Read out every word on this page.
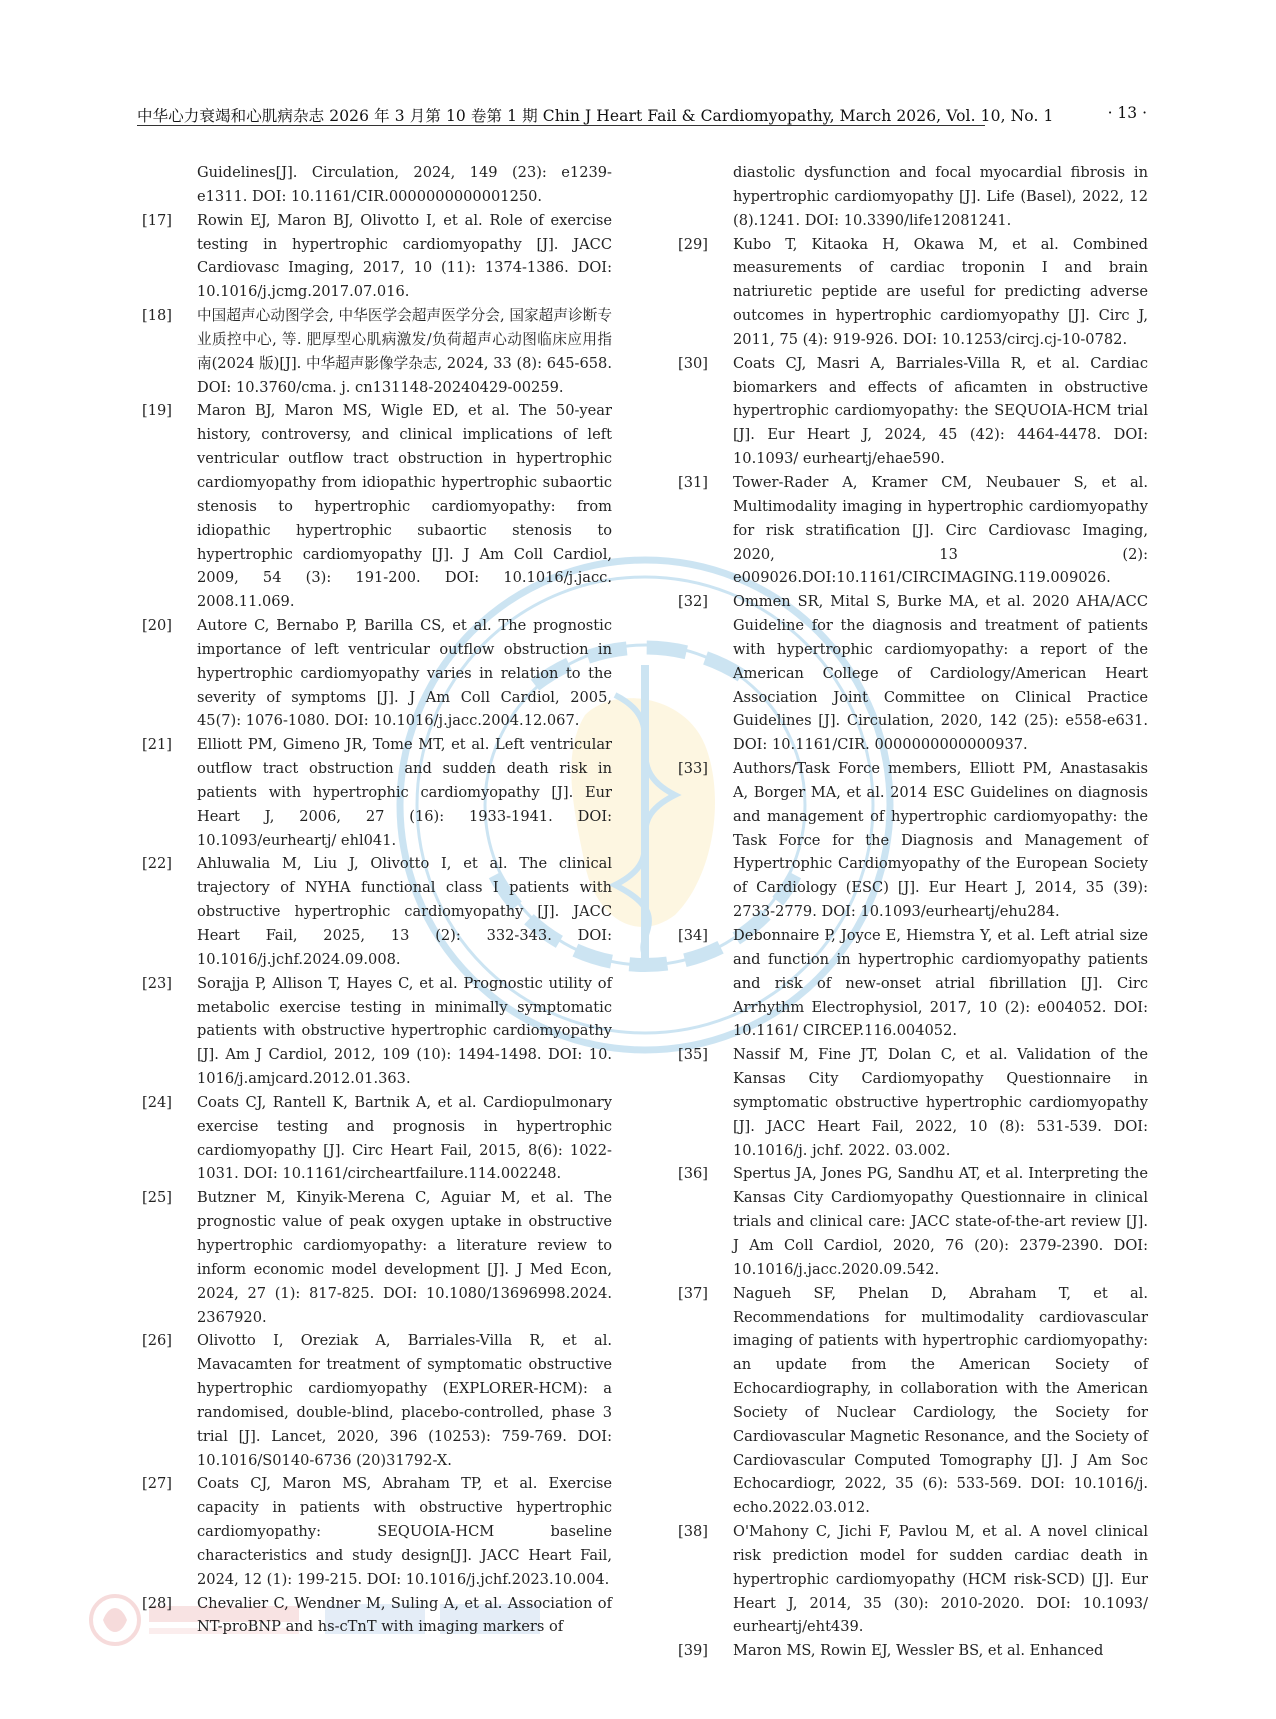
中华心力衰竭和心肌病杂志 2026 年 3 月第 10 卷第 1 期 Chin J Heart Fail & Cardiomyopathy, March 2026, Vol. 10, No. 1	· 13 ·
Guidelines[J]. Circulation, 2024, 149 (23): e1239-e1311. DOI: 10.1161/CIR.0000000000001250.
[17] Rowin EJ, Maron BJ, Olivotto I, et al. Role of exercise testing in hypertrophic cardiomyopathy [J]. JACC Cardiovasc Imaging, 2017, 10 (11): 1374-1386. DOI: 10.1016/j.jcmg.2017.07.016.
[18] 中国超声心动图学会, 中华医学会超声医学分会, 国家超声诊断专业质控中心, 等. 肥厚型心肌病激发/负荷超声心动图临床应用指南(2024 版)[J]. 中华超声影像学杂志, 2024, 33 (8): 645-658. DOI: 10.3760/cma. j. cn131148-20240429-00259.
[19] Maron BJ, Maron MS, Wigle ED, et al. The 50-year history, controversy, and clinical implications of left ventricular outflow tract obstruction in hypertrophic cardiomyopathy from idiopathic hypertrophic subaortic stenosis to hypertrophic cardiomyopathy: from idiopathic hypertrophic subaortic stenosis to hypertrophic cardiomyopathy [J]. J Am Coll Cardiol, 2009, 54 (3): 191-200. DOI: 10.1016/j.jacc. 2008.11.069.
[20] Autore C, Bernabo P, Barilla CS, et al. The prognostic importance of left ventricular outflow obstruction in hypertrophic cardiomyopathy varies in relation to the severity of symptoms [J]. J Am Coll Cardiol, 2005, 45(7): 1076-1080. DOI: 10.1016/j.jacc.2004.12.067.
[21] Elliott PM, Gimeno JR, Tome MT, et al. Left ventricular outflow tract obstruction and sudden death risk in patients with hypertrophic cardiomyopathy [J]. Eur Heart J, 2006, 27 (16): 1933-1941. DOI: 10.1093/eurheartj/ ehl041.
[22] Ahluwalia M, Liu J, Olivotto I, et al. The clinical trajectory of NYHA functional class I patients with obstructive hypertrophic cardiomyopathy [J]. JACC Heart Fail, 2025, 13 (2): 332-343. DOI: 10.1016/j.jchf.2024.09.008.
[23] Sorajja P, Allison T, Hayes C, et al. Prognostic utility of metabolic exercise testing in minimally symptomatic patients with obstructive hypertrophic cardiomyopathy [J]. Am J Cardiol, 2012, 109 (10): 1494-1498. DOI: 10. 1016/j.amjcard.2012.01.363.
[24] Coats CJ, Rantell K, Bartnik A, et al. Cardiopulmonary exercise testing and prognosis in hypertrophic cardiomyopathy [J]. Circ Heart Fail, 2015, 8(6): 1022-1031. DOI: 10.1161/circheartfailure.114.002248.
[25] Butzner M, Kinyik-Merena C, Aguiar M, et al. The prognostic value of peak oxygen uptake in obstructive hypertrophic cardiomyopathy: a literature review to inform economic model development [J]. J Med Econ, 2024, 27 (1): 817-825. DOI: 10.1080/13696998.2024. 2367920.
[26] Olivotto I, Oreziak A, Barriales-Villa R, et al. Mavacamten for treatment of symptomatic obstructive hypertrophic cardiomyopathy (EXPLORER-HCM): a randomised, double-blind, placebo-controlled, phase 3 trial [J]. Lancet, 2020, 396 (10253): 759-769. DOI: 10.1016/S0140-6736 (20)31792-X.
[27] Coats CJ, Maron MS, Abraham TP, et al. Exercise capacity in patients with obstructive hypertrophic cardiomyopathy: SEQUOIA-HCM baseline characteristics and study design[J]. JACC Heart Fail, 2024, 12 (1): 199-215. DOI: 10.1016/j.jchf.2023.10.004.
[28] Chevalier C, Wendner M, Suling A, et al. Association of NT-proBNP and hs-cTnT with imaging markers of
diastolic dysfunction and focal myocardial fibrosis in hypertrophic cardiomyopathy [J]. Life (Basel), 2022, 12 (8).1241. DOI: 10.3390/life12081241.
[29] Kubo T, Kitaoka H, Okawa M, et al. Combined measurements of cardiac troponin I and brain natriuretic peptide are useful for predicting adverse outcomes in hypertrophic cardiomyopathy [J]. Circ J, 2011, 75 (4): 919-926. DOI: 10.1253/circj.cj-10-0782.
[30] Coats CJ, Masri A, Barriales-Villa R, et al. Cardiac biomarkers and effects of aficamten in obstructive hypertrophic cardiomyopathy: the SEQUOIA-HCM trial [J]. Eur Heart J, 2024, 45 (42): 4464-4478. DOI: 10.1093/ eurheartj/ehae590.
[31] Tower-Rader A, Kramer CM, Neubauer S, et al. Multimodality imaging in hypertrophic cardiomyopathy for risk stratification [J]. Circ Cardiovasc Imaging, 2020, 13 (2): e009026.DOI:10.1161/CIRCIMAGING.119.009026.
[32] Ommen SR, Mital S, Burke MA, et al. 2020 AHA/ACC Guideline for the diagnosis and treatment of patients with hypertrophic cardiomyopathy: a report of the American College of Cardiology/American Heart Association Joint Committee on Clinical Practice Guidelines [J]. Circulation, 2020, 142 (25): e558-e631. DOI: 10.1161/CIR. 0000000000000937.
[33] Authors/Task Force members, Elliott PM, Anastasakis A, Borger MA, et al. 2014 ESC Guidelines on diagnosis and management of hypertrophic cardiomyopathy: the Task Force for the Diagnosis and Management of Hypertrophic Cardiomyopathy of the European Society of Cardiology (ESC) [J]. Eur Heart J, 2014, 35 (39): 2733-2779. DOI: 10.1093/eurheartj/ehu284.
[34] Debonnaire P, Joyce E, Hiemstra Y, et al. Left atrial size and function in hypertrophic cardiomyopathy patients and risk of new-onset atrial fibrillation [J]. Circ Arrhythm Electrophysiol, 2017, 10 (2): e004052. DOI: 10.1161/ CIRCEP.116.004052.
[35] Nassif M, Fine JT, Dolan C, et al. Validation of the Kansas City Cardiomyopathy Questionnaire in symptomatic obstructive hypertrophic cardiomyopathy [J]. JACC Heart Fail, 2022, 10 (8): 531-539. DOI: 10.1016/j. jchf. 2022. 03.002.
[36] Spertus JA, Jones PG, Sandhu AT, et al. Interpreting the Kansas City Cardiomyopathy Questionnaire in clinical trials and clinical care: JACC state-of-the-art review [J]. J Am Coll Cardiol, 2020, 76 (20): 2379-2390. DOI: 10.1016/j.jacc.2020.09.542.
[37] Nagueh SF, Phelan D, Abraham T, et al. Recommendations for multimodality cardiovascular imaging of patients with hypertrophic cardiomyopathy: an update from the American Society of Echocardiography, in collaboration with the American Society of Nuclear Cardiology, the Society for Cardiovascular Magnetic Resonance, and the Society of Cardiovascular Computed Tomography [J]. J Am Soc Echocardiogr, 2022, 35 (6): 533-569. DOI: 10.1016/j. echo.2022.03.012.
[38] O'Mahony C, Jichi F, Pavlou M, et al. A novel clinical risk prediction model for sudden cardiac death in hypertrophic cardiomyopathy (HCM risk-SCD) [J]. Eur Heart J, 2014, 35 (30): 2010-2020. DOI: 10.1093/ eurheartj/eht439.
[39] Maron MS, Rowin EJ, Wessler BS, et al. Enhanced
